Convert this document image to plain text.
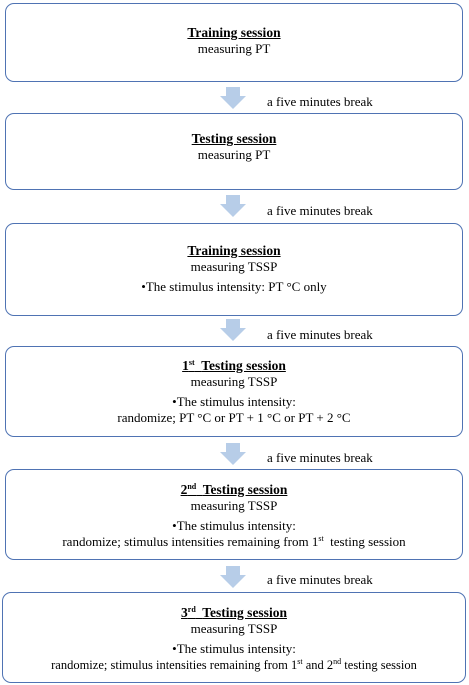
Training session
measuring PT
a five minutes break
Testing session
measuring PT
a five minutes break
Training session
measuring TSSP
•The stimulus intensity: PT °C only
a five minutes break
1st Testing session
measuring TSSP
•The stimulus intensity:
randomize; PT °C or PT + 1 °C or PT + 2 °C
a five minutes break
2nd Testing session
measuring TSSP
•The stimulus intensity:
randomize; stimulus intensities remaining from 1st  testing session
a five minutes break
3rd Testing session
measuring TSSP
•The stimulus intensity:
randomize; stimulus intensities remaining from 1st and 2nd testing session
